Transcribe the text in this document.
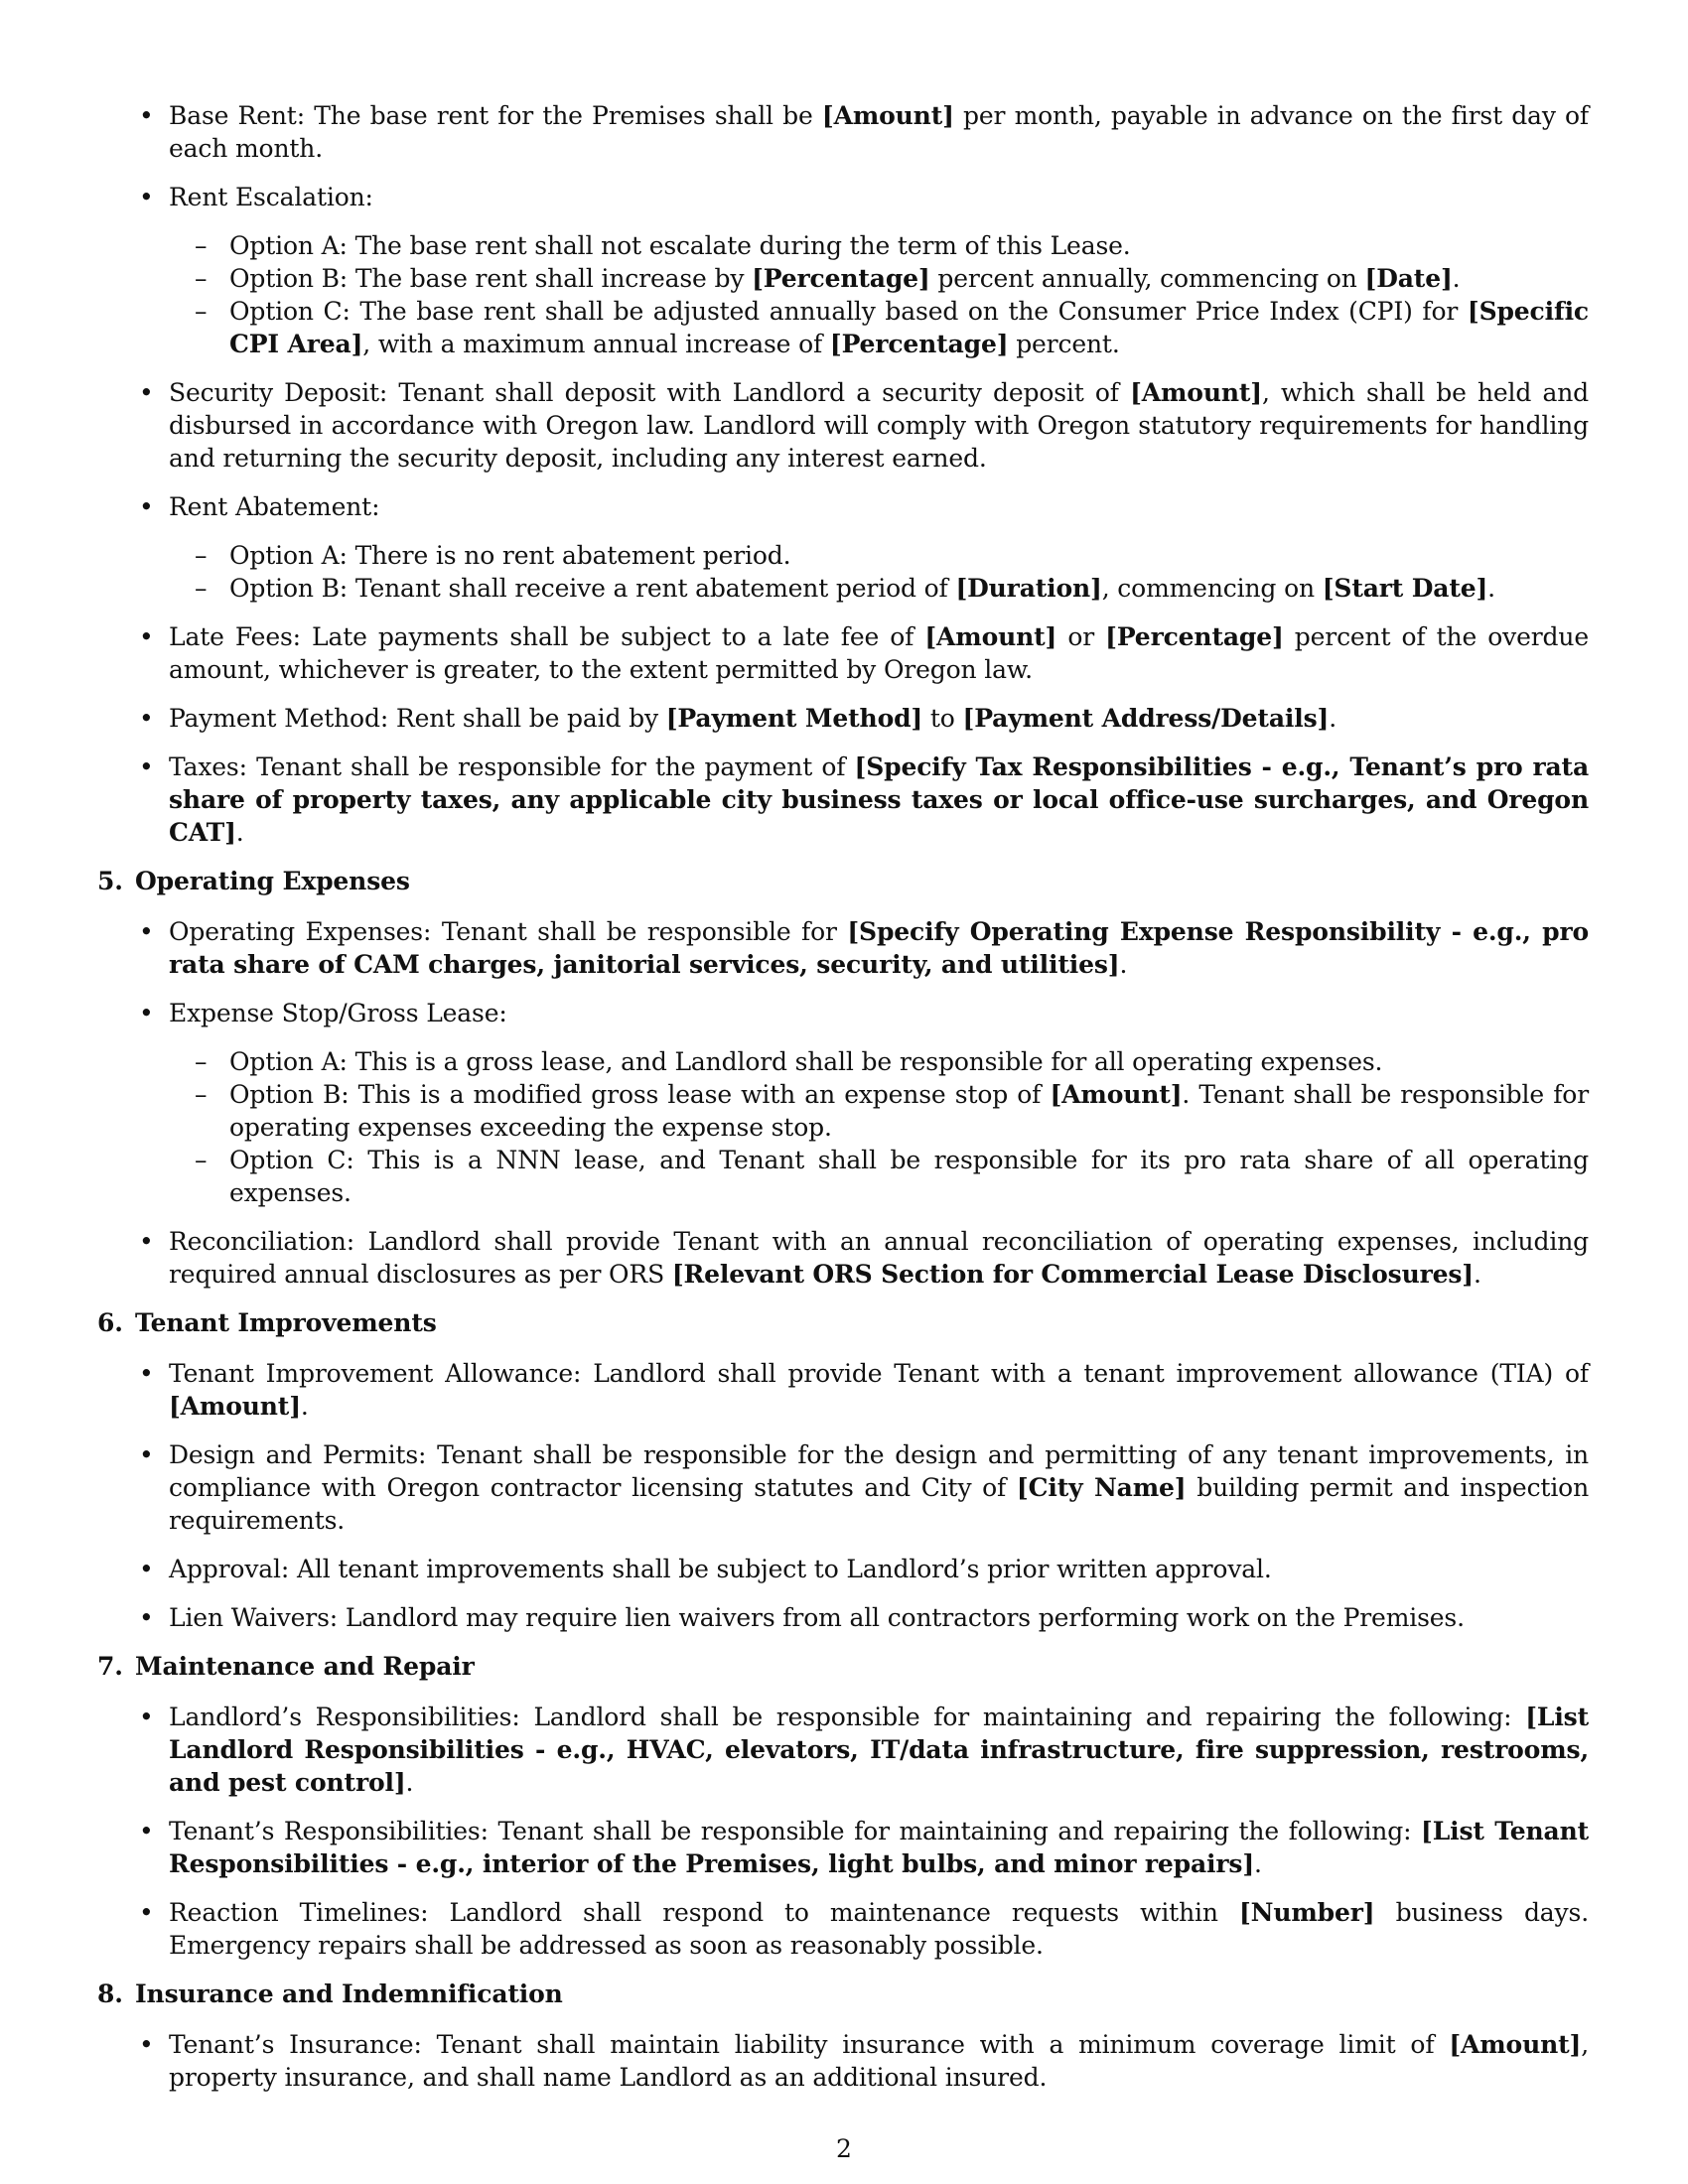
• Base Rent: The base rent for the Premises shall be [Amount] per month, payable in advance on the first day of each month.
• Rent Escalation:
– Option A: The base rent shall not escalate during the term of this Lease.
– Option B: The base rent shall increase by [Percentage] percent annually, commencing on [Date].
– Option C: The base rent shall be adjusted annually based on the Consumer Price Index (CPI) for [Specific CPI Area], with a maximum annual increase of [Percentage] percent.
• Security Deposit: Tenant shall deposit with Landlord a security deposit of [Amount], which shall be held and disbursed in accordance with Oregon law. Landlord will comply with Oregon statutory requirements for handling and returning the security deposit, including any interest earned.
• Rent Abatement:
– Option A: There is no rent abatement period.
– Option B: Tenant shall receive a rent abatement period of [Duration], commencing on [Start Date].
• Late Fees: Late payments shall be subject to a late fee of [Amount] or [Percentage] percent of the overdue amount, whichever is greater, to the extent permitted by Oregon law.
• Payment Method: Rent shall be paid by [Payment Method] to [Payment Address/Details].
• Taxes: Tenant shall be responsible for the payment of [Specify Tax Responsibilities - e.g., Tenant’s pro rata share of property taxes, any applicable city business taxes or local office-use surcharges, and Oregon CAT].
5. Operating Expenses
• Operating Expenses: Tenant shall be responsible for [Specify Operating Expense Responsibility - e.g., pro rata share of CAM charges, janitorial services, security, and utilities].
• Expense Stop/Gross Lease:
– Option A: This is a gross lease, and Landlord shall be responsible for all operating expenses.
– Option B: This is a modified gross lease with an expense stop of [Amount]. Tenant shall be responsible for operating expenses exceeding the expense stop.
– Option C: This is a NNN lease, and Tenant shall be responsible for its pro rata share of all operating expenses.
• Reconciliation: Landlord shall provide Tenant with an annual reconciliation of operating expenses, including required annual disclosures as per ORS [Relevant ORS Section for Commercial Lease Disclosures].
6. Tenant Improvements
• Tenant Improvement Allowance: Landlord shall provide Tenant with a tenant improvement allowance (TIA) of [Amount].
• Design and Permits: Tenant shall be responsible for the design and permitting of any tenant improvements, in compliance with Oregon contractor licensing statutes and City of [City Name] building permit and inspection requirements.
• Approval: All tenant improvements shall be subject to Landlord’s prior written approval.
• Lien Waivers: Landlord may require lien waivers from all contractors performing work on the Premises.
7. Maintenance and Repair
• Landlord’s Responsibilities: Landlord shall be responsible for maintaining and repairing the following: [List Landlord Responsibilities - e.g., HVAC, elevators, IT/data infrastructure, fire suppression, restrooms, and pest control].
• Tenant’s Responsibilities: Tenant shall be responsible for maintaining and repairing the following: [List Tenant Responsibilities - e.g., interior of the Premises, light bulbs, and minor repairs].
• Reaction Timelines: Landlord shall respond to maintenance requests within [Number] business days. Emergency repairs shall be addressed as soon as reasonably possible.
8. Insurance and Indemnification
• Tenant’s Insurance: Tenant shall maintain liability insurance with a minimum coverage limit of [Amount], property insurance, and shall name Landlord as an additional insured.
2
